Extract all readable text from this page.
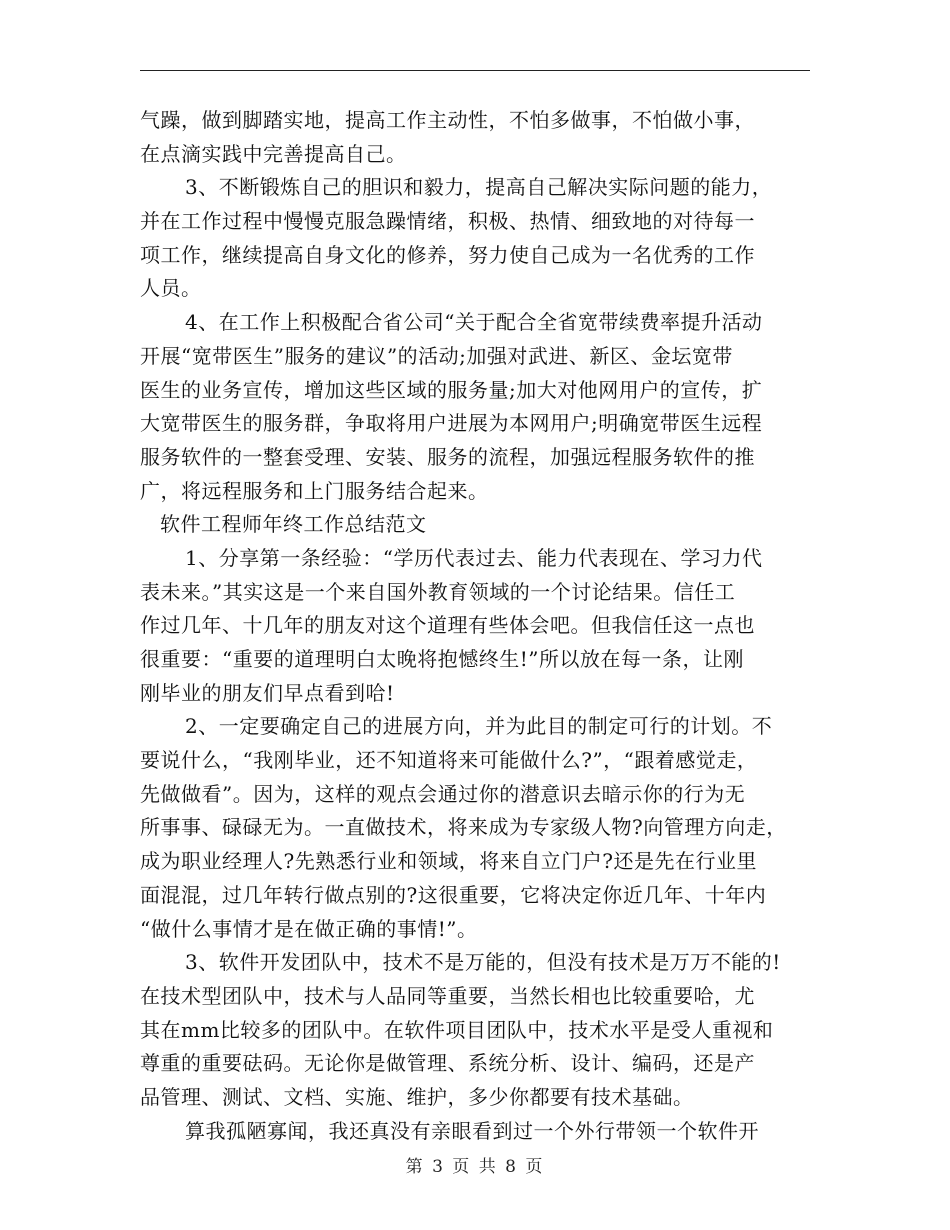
气躁，做到脚踏实地，提高工作主动性，不怕多做事，不怕做小事，
在点滴实践中完善提高自己。
3、不断锻炼自己的胆识和毅力，提高自己解决实际问题的能力，
并在工作过程中慢慢克服急躁情绪，积极、热情、细致地的对待每一
项工作，继续提高自身文化的修养，努力使自己成为一名优秀的工作
人员。
4、在工作上积极配合省公司“关于配合全省宽带续费率提升活动
开展“宽带医生”服务的建议”的活动;加强对武进、新区、金坛宽带
医生的业务宣传，增加这些区域的服务量;加大对他网用户的宣传，扩
大宽带医生的服务群，争取将用户进展为本网用户;明确宽带医生远程
服务软件的一整套受理、安装、服务的流程，加强远程服务软件的推
广，将远程服务和上门服务结合起来。
软件工程师年终工作总结范文
1、分享第一条经验：“学历代表过去、能力代表现在、学习力代
表未来。”其实这是一个来自国外教育领域的一个讨论结果。信任工
作过几年、十几年的朋友对这个道理有些体会吧。但我信任这一点也
很重要：“重要的道理明白太晚将抱憾终生!”所以放在每一条，让刚
刚毕业的朋友们早点看到哈!
2、一定要确定自己的进展方向，并为此目的制定可行的计划。不
要说什么，“我刚毕业，还不知道将来可能做什么?”，“跟着感觉走，
先做做看”。因为，这样的观点会通过你的潜意识去暗示你的行为无
所事事、碌碌无为。一直做技术，将来成为专家级人物?向管理方向走，
成为职业经理人?先熟悉行业和领域，将来自立门户?还是先在行业里
面混混，过几年转行做点别的?这很重要，它将决定你近几年、十年内
“做什么事情才是在做正确的事情!”。
3、软件开发团队中，技术不是万能的，但没有技术是万万不能的!
在技术型团队中，技术与人品同等重要，当然长相也比较重要哈，尤
其在mm比较多的团队中。在软件项目团队中，技术水平是受人重视和
尊重的重要砝码。无论你是做管理、系统分析、设计、编码，还是产
品管理、测试、文档、实施、维护，多少你都要有技术基础。
算我孤陋寡闻，我还真没有亲眼看到过一个外行带领一个软件开
第 3 页 共 8 页
